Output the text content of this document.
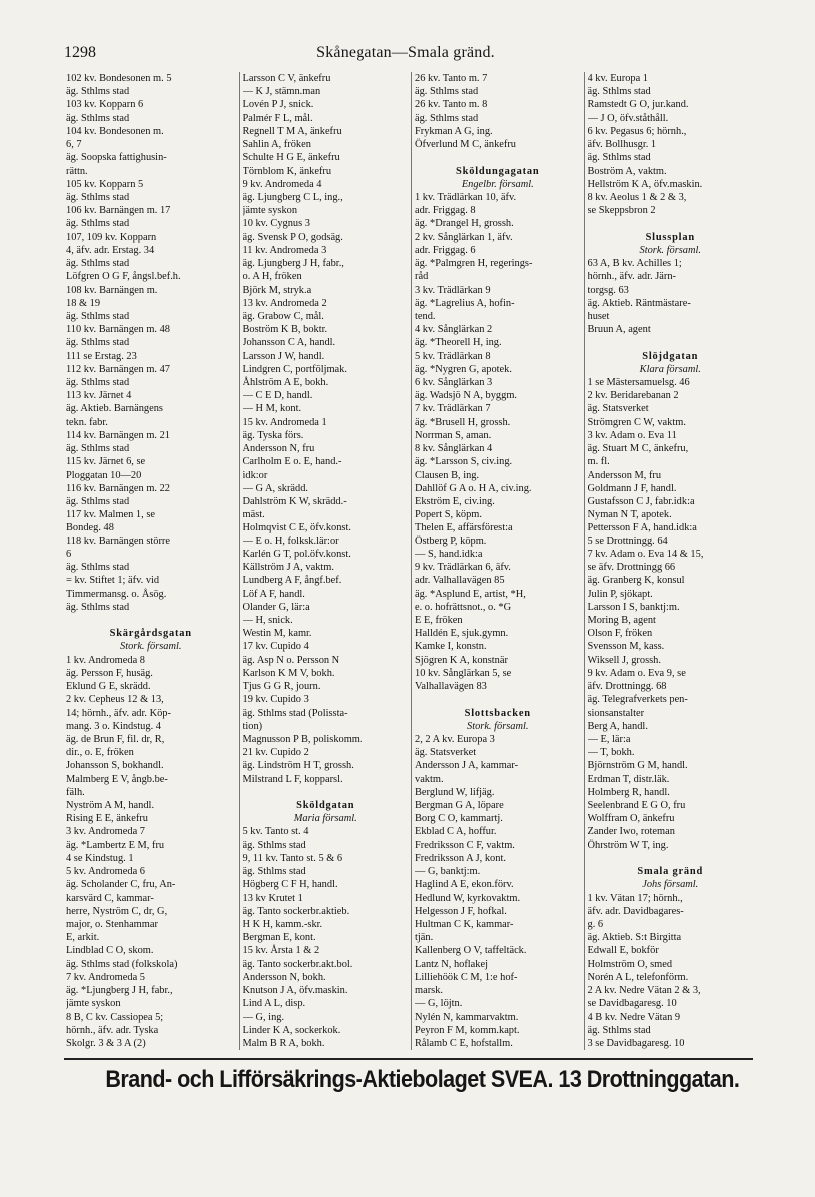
1298	Skånegatan—Smala gränd.
102 kv. Bondesonen m. 5
äg. Sthlms stad
103 kv. Kopparn 6
äg. Sthlms stad
104 kv. Bondesonen m.
6, 7
äg. Soopska fattighusin-
rättn.
105 kv. Kopparn 5
äg. Sthlms stad
106 kv. Barnängen m. 17
äg. Sthlms stad
107, 109 kv. Kopparn
4, äfv. adr. Erstag. 34
äg. Sthlms stad
Löfgren O G F, ångsl.bef.h.
108 kv. Barnängen m.
18 & 19
äg. Sthlms stad
110 kv. Barnängen m. 48
äg. Sthlms stad
111 se Erstag. 23
112 kv. Barnängen m. 47
äg. Sthlms stad
113 kv. Järnet 4
äg. Aktieb. Barnängens
tekn. fabr.
114 kv. Barnängen m. 21
äg. Sthlms stad
115 kv. Järnet 6, se
Ploggatan 10—20
116 kv. Barnängen m. 22
äg. Sthlms stad
117 kv. Malmen 1, se
Bondeg. 48
118 kv. Barnängen större
6
äg. Sthlms stad
= kv. Stiftet 1; äfv. vid
Timmermansg. o. Åsög.
äg. Sthlms stad
Skärgårdsgatan
Stork. församl.
1 kv. Andromeda 8
äg. Persson F, husäg.
Eklund G E, skrädd.
2 kv. Cepheus 12 & 13,
14; hörnh., äfv. adr. Köp-
mang. 3 o. Kindstug. 4
äg. de Brun F, fil. dr, R,
dir., o. E, fröken
Johansson S, bokhandl.
Malmberg E V, ångb.be-
fälh.
Nyström A M, handl.
Rising E E, änkefru
3 kv. Andromeda 7
äg. *Lambertz E M, fru
4 se Kindstug. 1
5 kv. Andromeda 6
äg. Scholander C, fru, An-
karsvärd C, kammar-
herre, Nyström C, dr, G,
major, o. Stenhammar
E, arkit.
Lindblad C O, skom.
äg. Sthlms stad (folkskola)
7 kv. Andromeda 5
äg. *Ljungberg J H, fabr.,
jämte syskon
8 B, C kv. Cassiopea 5;
hörnh., äfv. adr. Tyska
Skolgr. 3 & 3 A (2)
Larsson C V, änkefru
— K J, stämn.man
Lovén P J, snick.
Palmér F L, mål.
Regnell T M A, änkefru
Sahlin A, fröken
Schulte H G E, änkefru
Törnblom K, änkefru
9 kv. Andromeda 4
äg. Ljungberg C L, ing.,
jämte syskon
10 kv. Cygnus 3
äg. Svensk P O, godsäg.
11 kv. Andromeda 3
äg. Ljungberg J H, fabr.,
o. A H, fröken
Björk M, stryk.a
13 kv. Andromeda 2
äg. Grabow C, mål.
Boström K B, boktr.
Johansson C A, handl.
Larsson J W, handl.
Lindgren C, portföljmak.
Åhlström A E, bokh.
— C E D, handl.
— H M, kont.
15 kv. Andromeda 1
äg. Tyska förs.
Andersson N, fru
Carlholm E o. E, hand.-
idk:or
— G A, skrädd.
Dahlström K W, skrädd.-
mäst.
Holmqvist C E, öfv.konst.
— E o. H, folksk.lär:or
Karlén G T, pol.öfv.konst.
Källström J A, vaktm.
Lundberg A F, ångf.bef.
Löf A F, handl.
Olander G, lär:a
— H, snick.
Westin M, kamr.
17 kv. Cupido 4
äg. Asp N o. Persson N
Karlson K M V, bokh.
Tjus G G R, journ.
19 kv. Cupido 3
äg. Sthlms stad (Polissta-
tion)
Magnusson P B, poliskomm.
21 kv. Cupido 2
äg. Lindström H T, grossh.
Milstrand L F, kopparsl.
Sköldgatan
Maria församl.
5 kv. Tanto st. 4
äg. Sthlms stad
9, 11 kv. Tanto st. 5 & 6
äg. Sthlms stad
Högberg C F H, handl.
13 kv Krutet 1
äg. Tanto sockerbr.aktieb.
H K H, kamm.-skr.
Bergman E, kont.
15 kv. Årsta 1 & 2
äg. Tanto sockerbr.akt.bol.
Andersson N, bokh.
Knutson J A, öfv.maskin.
Lind A L, disp.
— G, ing.
Linder K A, sockerkok.
Malm B R A, bokh.
26 kv. Tanto m. 7
äg. Sthlms stad
26 kv. Tanto m. 8
äg. Sthlms stad
Frykman A G, ing.
Öfverlund M C, änkefru
Sköldungagatan
Engelbr. församl.
1 kv. Trädlärkan 10, äfv.
adr. Friggag. 8
äg. *Drangel H, grossh.
2 kv. Sånglärkan 1, äfv.
adr. Friggag. 6
äg. *Palmgren H, regerings-
råd
3 kv. Trädlärkan 9
äg. *Lagrelius A, hofin-
tend.
4 kv. Sånglärkan 2
äg. *Theorell H, ing.
5 kv. Trädlärkan 8
äg. *Nygren G, apotek.
6 kv. Sånglärkan 3
äg. Wadsjö N A, byggm.
7 kv. Trädlärkan 7
äg. *Brusell H, grossh.
Norrman S, aman.
8 kv. Sånglärkan 4
äg. *Larsson S, civ.ing.
Clausen B, ing.
Dahllöf G A o. H A, civ.ing.
Ekström E, civ.ing.
Popert S, köpm.
Thelen E, affärsförest:a
Östberg P, köpm.
— S, hand.idk:a
9 kv. Trädlärkan 6, äfv.
adr. Valhallavägen 85
äg. *Asplund E, artist, *H,
e. o. hofrättsnot., o. *G
E E, fröken
Halldén E, sjuk.gymn.
Kamke I, konstn.
Sjögren K A, konstnär
10 kv. Sånglärkan 5, se
Valhallavägen 83
Slottsbacken
Stork. församl.
2, 2 A kv. Europa 3
äg. Statsverket
Andersson J A, kammar-
vaktm.
Berglund W, lifjäg.
Bergman G A, löpare
Borg C O, kammartj.
Ekblad C A, hoffur.
Fredriksson C F, vaktm.
Fredriksson A J, kont.
— G, banktj:m.
Haglind A E, ekon.förv.
Hedlund W, kyrkovaktm.
Helgesson J F, hofkal.
Hultman C K, kammar-
tjän.
Kallenberg O V, taffeltäck.
Lantz N, hoflakej
Lilliehöök C M, 1:e hof-
marsk.
— G, löjtn.
Nylén N, kammarvaktm.
Peyron F M, komm.kapt.
Rålamb C E, hofstallm.
4 kv. Europa 1
äg. Sthlms stad
Ramstedt G O, jur.kand.
— J O, öfv.ståthåll.
6 kv. Pegasus 6; hörnh.,
äfv. Bollhusgr. 1
äg. Sthlms stad
Boström A, vaktm.
Hellström K A, öfv.maskin.
8 kv. Aeolus 1 & 2 & 3,
se Skeppsbron 2
Slussplan
Stork. församl.
63 A, B kv. Achilles 1;
hörnh., äfv. adr. Järn-
torgsg. 63
äg. Aktieb. Räntmästare-
huset
Bruun A, agent
Slöjdgatan
Klara församl.
1 se Mästersamuelsg. 46
2 kv. Beridarebanan 2
äg. Statsverket
Strömgren C W, vaktm.
3 kv. Adam o. Eva 11
äg. Stuart M C, änkefru,
m. fl.
Andersson M, fru
Goldmann J F, handl.
Gustafsson C J, fabr.idk:a
Nyman N T, apotek.
Pettersson F A, hand.idk:a
5 se Drottningg. 64
7 kv. Adam o. Eva 14 & 15,
se äfv. Drottningg 66
äg. Granberg K, konsul
Julin P, sjökapt.
Larsson I S, banktj:m.
Moring B, agent
Olson F, fröken
Svensson M, kass.
Wiksell J, grossh.
9 kv. Adam o. Eva 9, se
äfv. Drottningg. 68
äg. Telegrafverkets pen-
sionsanstalter
Berg A, handl.
— E, lär:a
— T, bokh.
Björnström G M, handl.
Erdman T, distr.läk.
Holmberg R, handl.
Seelenbrand E G O, fru
Wolffram O, änkefru
Zander Iwo, roteman
Öhrström W T, ing.
Smala gränd
Johs församl.
1 kv. Vätan 17; hörnh.,
äfv. adr. Davidbagares-
g. 6
äg. Aktieb. S:t Birgitta
Edwall E, bokför
Holmström O, smed
Norén A L, telefonförm.
2 A kv. Nedre Vätan 2 & 3,
se Davidbagaresg. 10
4 B kv. Nedre Vätan 9
äg. Sthlms stad
3 se Davidbagaresg. 10
Brand- och Lifförsäkrings-Aktiebolaget SVEA. 13 Drottninggatan.
